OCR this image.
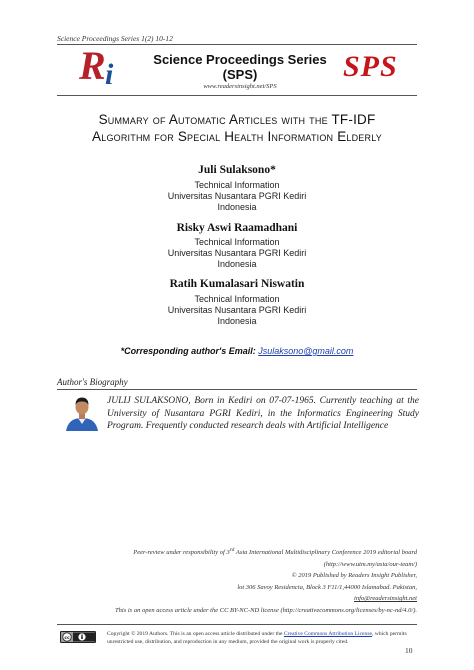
Science Proceedings Series 1(2) 10-12
R i	Science Proceedings Series
(SPS)
www.readersinsight.net/SPS
SPS
Summary of Automatic Articles with the TF-IDF
Algorithm for Special Health Information Elderly
Juli Sulaksono*
Technical Information
Universitas Nusantara PGRI Kediri
Indonesia
Risky Aswi Raamadhani
Technical Information
Universitas Nusantara PGRI Kediri
Indonesia
Ratih Kumalasari Niswatin
Technical Information
Universitas Nusantara PGRI Kediri
Indonesia
*Corresponding author's Email: Jsulaksono@gmail.com
Author's Biography
JULIJ SULAKSONO, Born in Kediri on 07-07-1965. Currently teaching at the University of Nusantara PGRI Kediri, in the Informatics Engineering Study Program. Frequently conducted research deals with Artificial Intelligence
Peer-review under responsibility of 3rd Asia International Multidisciplinary Conference 2019 editorial board
(http://www.utm.my/asia/our-team/)
© 2019 Published by Readers Insight Publisher,
lot 306 Savoy Residencia, Block 3 F11/1,44000 Islamabad. Pakistan,
info@readersinsight.net
This is an open access article under the CC BY-NC-ND license (http://creativecommons.org/licenses/by-nc-nd/4.0/).
cc
Copyright © 2019 Authors. This is an open access article distributed under the Creative Commons Attribution License, which permits unrestricted use, distribution, and reproduction in any medium, provided the original work is properly cited.
10
